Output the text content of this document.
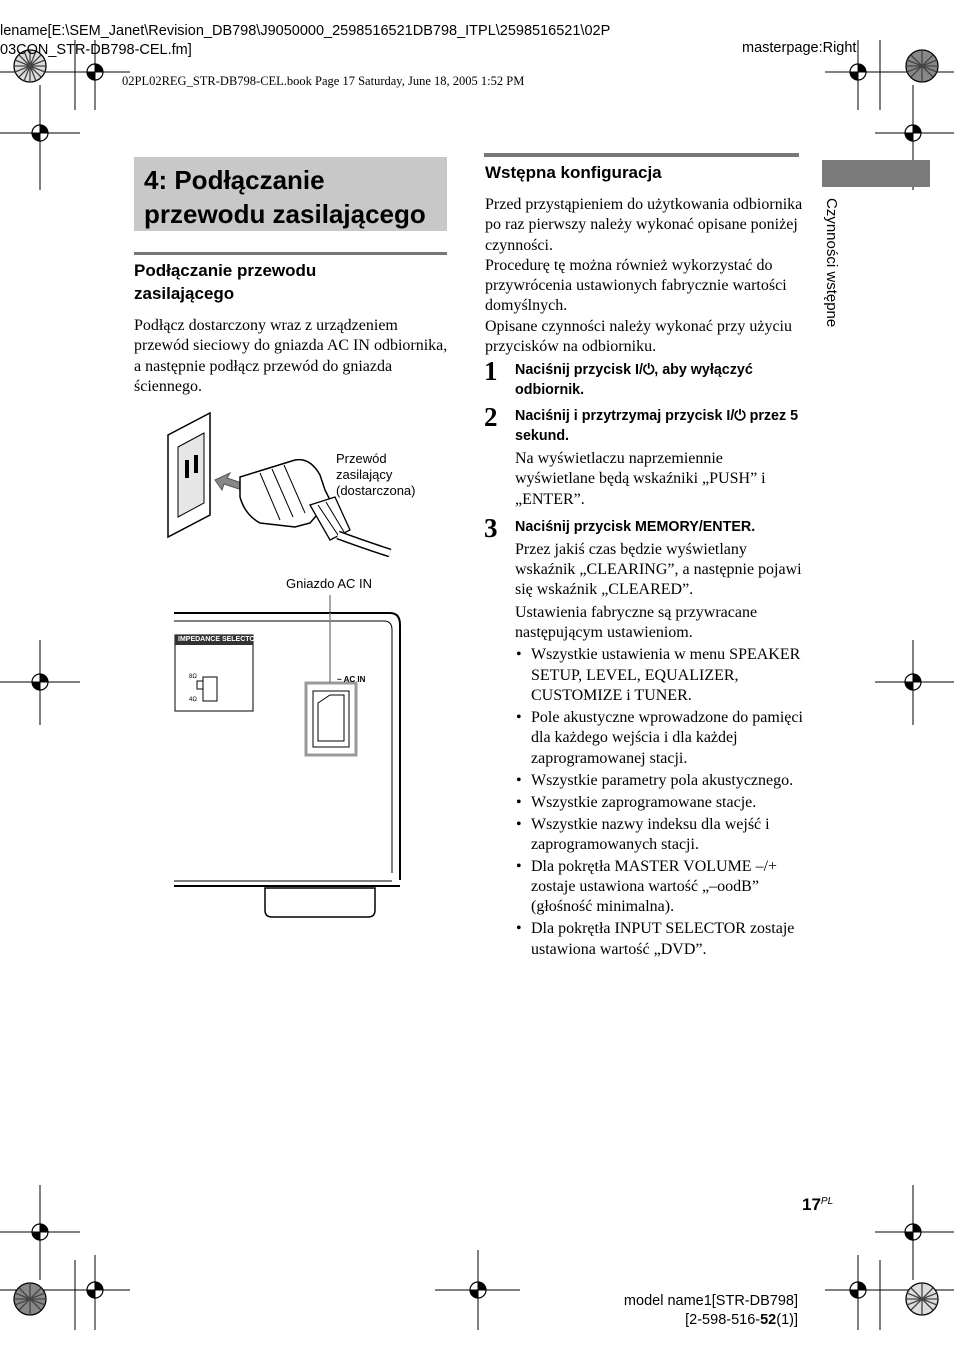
lename[E:\SEM_Janet\Revision_DB798\J9050000_2598516521DB798_ITPL\2598516521\02P
03CON_STR-DB798-CEL.fm]	masterpage:Right
02PL02REG_STR-DB798-CEL.book Page 17 Saturday, June 18, 2005 1:52 PM
4: Podłączanie przewodu zasilającego
Podłączanie przewodu zasilającego
Podłącz dostarczony wraz z urządzeniem przewód sieciowy do gniazda AC IN odbiornika, a następnie podłącz przewód do gniazda ściennego.
Przewód
zasilający
(dostarczona)
Gniazdo AC IN
IMPEDANCE SELECTOR
8Ω
4Ω
~ AC IN
Wstępna konfiguracja
Przed przystąpieniem do użytkowania odbiornika po raz pierwszy należy wykonać opisane poniżej czynności.
Procedurę tę można również wykorzystać do przywrócenia ustawionych fabrycznie wartości domyślnych.
Opisane czynności należy wykonać przy użyciu przycisków na odbiorniku.
1 Naciśnij przycisk I/⏻, aby wyłączyć odbiornik.
2 Naciśnij i przytrzymaj przycisk I/⏻ przez 5 sekund.
Na wyświetlaczu naprzemiennie wyświetlane będą wskaźniki „PUSH” i „ENTER”.
3 Naciśnij przycisk MEMORY/ENTER.
Przez jakiś czas będzie wyświetlany wskaźnik „CLEARING”, a następnie pojawi się wskaźnik „CLEARED”.
Ustawienia fabryczne są przywracane następującym ustawieniom.
• Wszystkie ustawienia w menu SPEAKER SETUP, LEVEL, EQUALIZER, CUSTOMIZE i TUNER.
• Pole akustyczne wprowadzone do pamięci dla każdego wejścia i dla każdej zaprogramowanej stacji.
• Wszystkie parametry pola akustycznego.
• Wszystkie zaprogramowane stacje.
• Wszystkie nazwy indeksu dla wejść i zaprogramowanych stacji.
• Dla pokrętła MASTER VOLUME –/+ zostaje ustawiona wartość „–oodB” (głośność minimalna).
• Dla pokrętła INPUT SELECTOR zostaje ustawiona wartość „DVD”.
Czynności wstępne
$17^{PL}$
model name1[STR-DB798]
[2-598-516-52(1)]
